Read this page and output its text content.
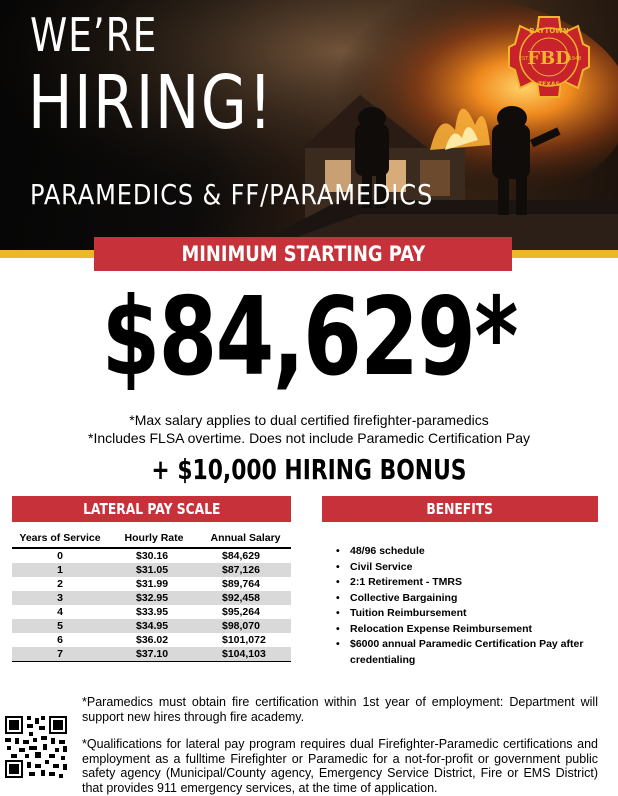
WE’RE
HIRING!
PARAMEDICS & FF/PARAMEDICS
BAYTOWN
FBD
EST.	1948
TEXAS
MINIMUM STARTING PAY
$84,629*
*Max salary applies to dual certified firefighter-paramedics
*Includes FLSA overtime. Does not include Paramedic Certification Pay
+ $10,000 HIRING BONUS
LATERAL PAY SCALE
Years of Service	Hourly Rate	Annual Salary
0	$30.16	$84,629
1	$31.05	$87,126
2	$31.99	$89,764
3	$32.95	$92,458
4	$33.95	$95,264
5	$34.95	$98,070
6	$36.02	$101,072
7	$37.10	$104,103
BENEFITS
• 48/96 schedule
• Civil Service
• 2:1 Retirement - TMRS
• Collective Bargaining
• Tuition Reimbursement
• Relocation Expense Reimbursement
• $6000 annual Paramedic Certification Pay after credentialing
*Paramedics must obtain fire certification within 1st year of employment: Department will support new hires through fire academy.
*Qualifications for lateral pay program requires dual Firefighter-Paramedic certifications and employment as a fulltime Firefighter or Paramedic for a not-for-profit or government public safety agency (Municipal/County agency, Emergency Service District, Fire or EMS District) that provides 911 emergency services, at the time of application.
